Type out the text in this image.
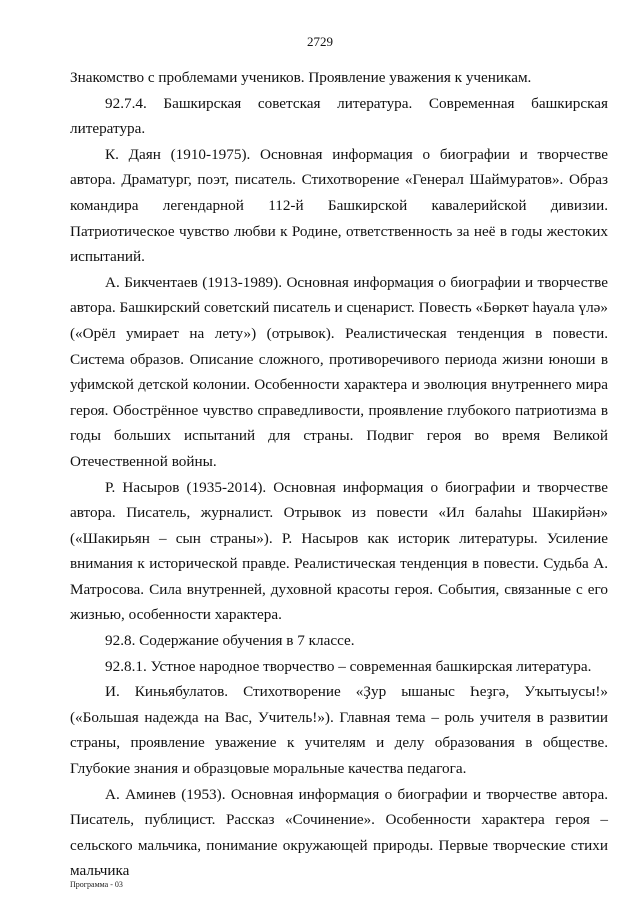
2729

Знакомство с проблемами учеников. Проявление уважения к ученикам.

92.7.4. Башкирская советская литература. Современная башкирская литература.

К. Даян (1910-1975). Основная информация о биографии и творчестве автора. Драматург, поэт, писатель. Стихотворение «Генерал Шаймуратов». Образ командира легендарной 112-й Башкирской кавалерийской дивизии. Патриотическое чувство любви к Родине, ответственность за неё в годы жестоких испытаний.

А. Бикчентаев (1913-1989). Основная информация о биографии и творчестве автора. Башкирский советский писатель и сценарист. Повесть «Бөркөт һауала үлә» («Орёл умирает на лету») (отрывок). Реалистическая тенденция в повести. Система образов. Описание сложного, противоречивого периода жизни юноши в уфимской детской колонии. Особенности характера и эволюция внутреннего мира героя. Обострённое чувство справедливости, проявление глубокого патриотизма в годы больших испытаний для страны. Подвиг героя во время Великой Отечественной войны.

Р. Насыров (1935-2014). Основная информация о биографии и творчестве автора. Писатель, журналист. Отрывок из повести «Ил балаһы Шакирйән» («Шакирьян – сын страны»). Р. Насыров как историк литературы. Усиление внимания к исторической правде. Реалистическая тенденция в повести. Судьба А. Матросова. Сила внутренней, духовной красоты героя. События, связанные с его жизнью, особенности характера.

92.8. Содержание обучения в 7 классе.

92.8.1. Устное народное творчество – современная башкирская литература.

И. Киньябулатов. Стихотворение «Ҙур ышаныс Һеҙгә, Уҡытыусы!» («Большая надежда на Вас, Учитель!»). Главная тема – роль учителя в развитии страны, проявление уважение к учителям и делу образования в обществе. Глубокие знания и образцовые моральные качества педагога.

А. Аминев (1953). Основная информация о биографии и творчестве автора. Писатель, публицист. Рассказ «Сочинение». Особенности характера героя – сельского мальчика, понимание окружающей природы. Первые творческие стихи мальчика

Программа - 03
